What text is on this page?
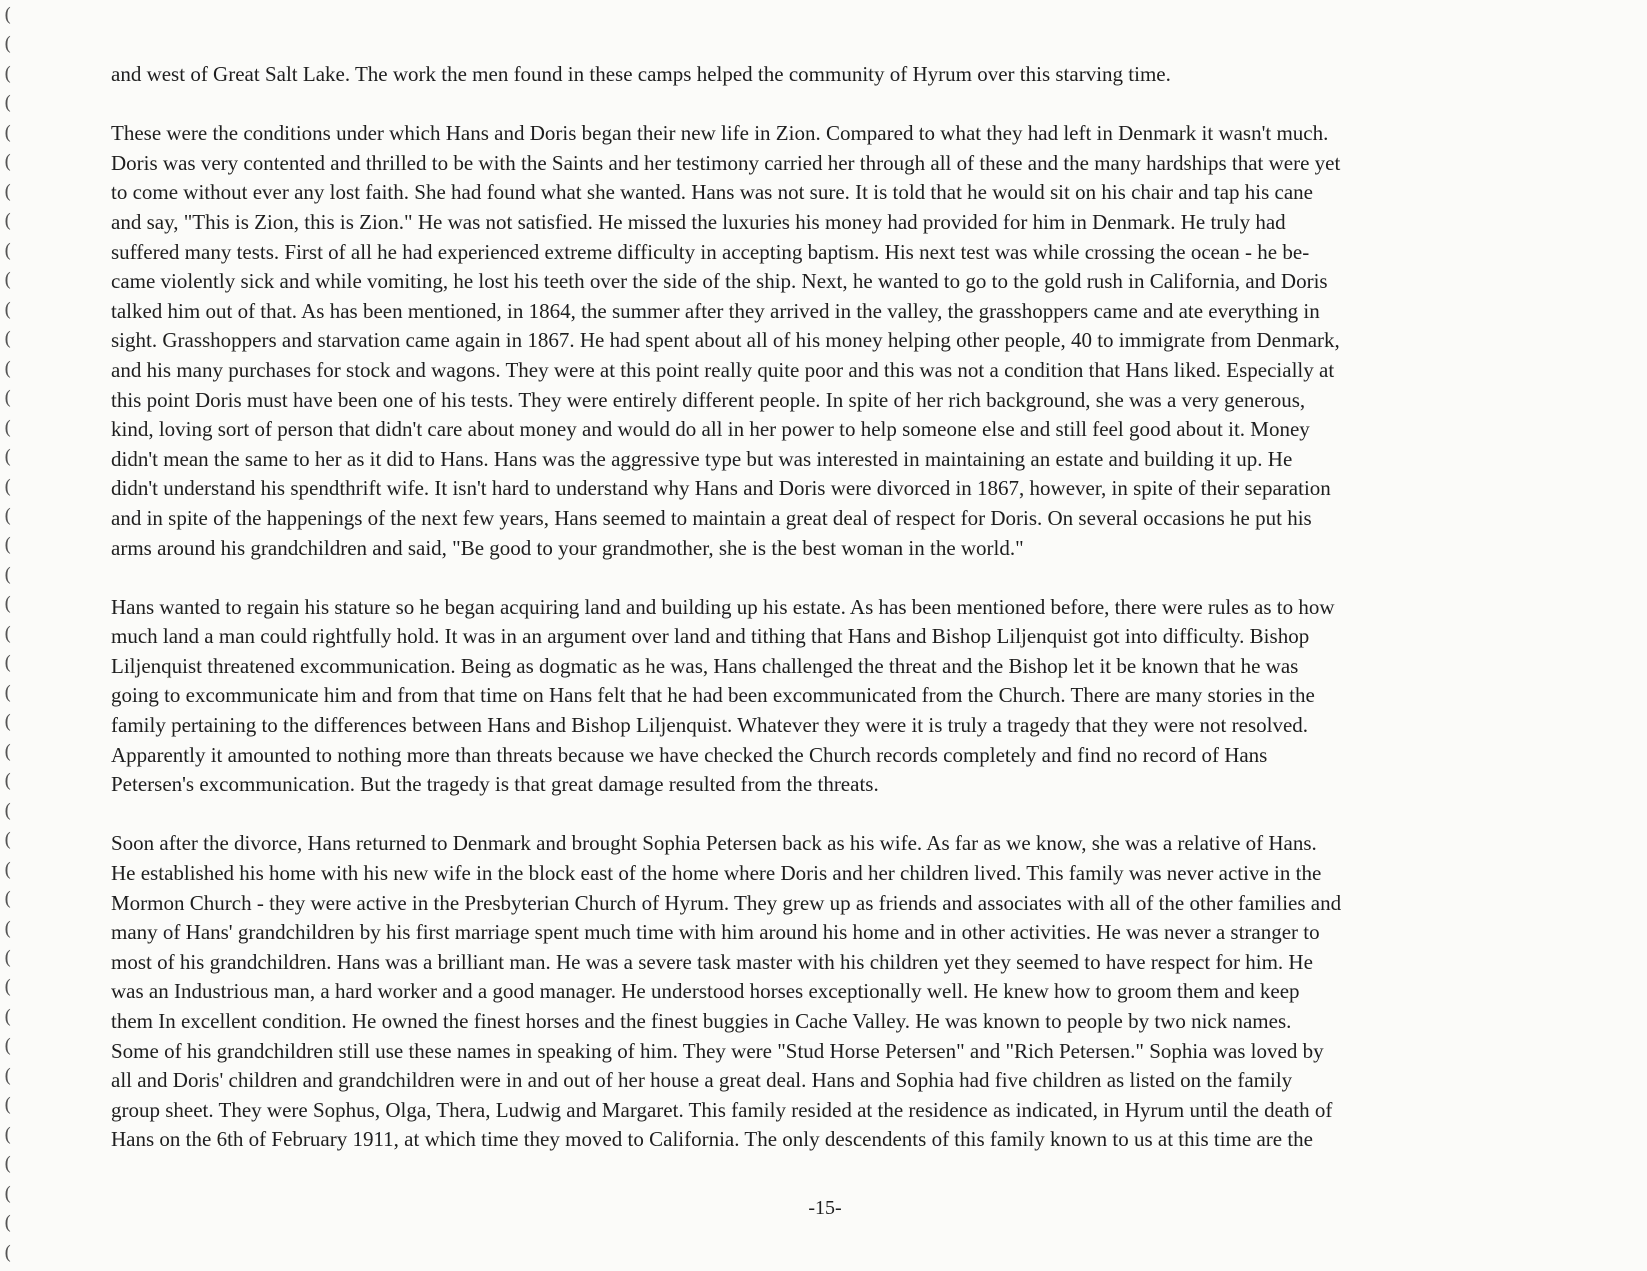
(
(
(
(
(
(
(
(
(
(
(
(
(
(
(
(
(
(
(
(
(
(
(
(
(
(
(
(
(
(
(
(
(
(
(
(
(
(
(
(
(
(
(
and west of Great Salt Lake. The work the men found in these camps helped the community of Hyrum over this starving time.
These were the conditions under which Hans and Doris began their new life in Zion. Compared to what they had left in Denmark it wasn't much.
Doris was very contented and thrilled to be with the Saints and her testimony carried her through all of these and the many hardships that were yet
to come without ever any lost faith. She had found what she wanted. Hans was not sure. It is told that he would sit on his chair and tap his cane
and say, "This is Zion, this is Zion." He was not satisfied. He missed the luxuries his money had provided for him in Denmark. He truly had
suffered many tests. First of all he had experienced extreme difficulty in accepting baptism. His next test was while crossing the ocean - he be-
came violently sick and while vomiting, he lost his teeth over the side of the ship. Next, he wanted to go to the gold rush in California, and Doris
talked him out of that. As has been mentioned, in 1864, the summer after they arrived in the valley, the grasshoppers came and ate everything in
sight. Grasshoppers and starvation came again in 1867. He had spent about all of his money helping other people, 40 to immigrate from Denmark,
and his many purchases for stock and wagons. They were at this point really quite poor and this was not a condition that Hans liked. Especially at
this point Doris must have been one of his tests. They were entirely different people. In spite of her rich background, she was a very generous,
kind, loving sort of person that didn't care about money and would do all in her power to help someone else and still feel good about it. Money
didn't mean the same to her as it did to Hans. Hans was the aggressive type but was interested in maintaining an estate and building it up. He
didn't understand his spendthrift wife. It isn't hard to understand why Hans and Doris were divorced in 1867, however, in spite of their separation
and in spite of the happenings of the next few years, Hans seemed to maintain a great deal of respect for Doris. On several occasions he put his
arms around his grandchildren and said, "Be good to your grandmother, she is the best woman in the world."
Hans wanted to regain his stature so he began acquiring land and building up his estate. As has been mentioned before, there were rules as to how
much land a man could rightfully hold. It was in an argument over land and tithing that Hans and Bishop Liljenquist got into difficulty. Bishop
Liljenquist threatened excommunication. Being as dogmatic as he was, Hans challenged the threat and the Bishop let it be known that he was
going to excommunicate him and from that time on Hans felt that he had been excommunicated from the Church. There are many stories in the
family pertaining to the differences between Hans and Bishop Liljenquist. Whatever they were it is truly a tragedy that they were not resolved.
Apparently it amounted to nothing more than threats because we have checked the Church records completely and find no record of Hans
Petersen's excommunication. But the tragedy is that great damage resulted from the threats.
Soon after the divorce, Hans returned to Denmark and brought Sophia Petersen back as his wife. As far as we know, she was a relative of Hans.
He established his home with his new wife in the block east of the home where Doris and her children lived. This family was never active in the
Mormon Church - they were active in the Presbyterian Church of Hyrum. They grew up as friends and associates with all of the other families and
many of Hans' grandchildren by his first marriage spent much time with him around his home and in other activities. He was never a stranger to
most of his grandchildren. Hans was a brilliant man. He was a severe task master with his children yet they seemed to have respect for him. He
was an Industrious man, a hard worker and a good manager. He understood horses exceptionally well. He knew how to groom them and keep
them In excellent condition. He owned the finest horses and the finest buggies in Cache Valley. He was known to people by two nick names.
Some of his grandchildren still use these names in speaking of him. They were "Stud Horse Petersen" and "Rich Petersen." Sophia was loved by
all and Doris' children and grandchildren were in and out of her house a great deal. Hans and Sophia had five children as listed on the family
group sheet. They were Sophus, Olga, Thera, Ludwig and Margaret. This family resided at the residence as indicated, in Hyrum until the death of
Hans on the 6th of February 1911, at which time they moved to California. The only descendents of this family known to us at this time are the
-15-
